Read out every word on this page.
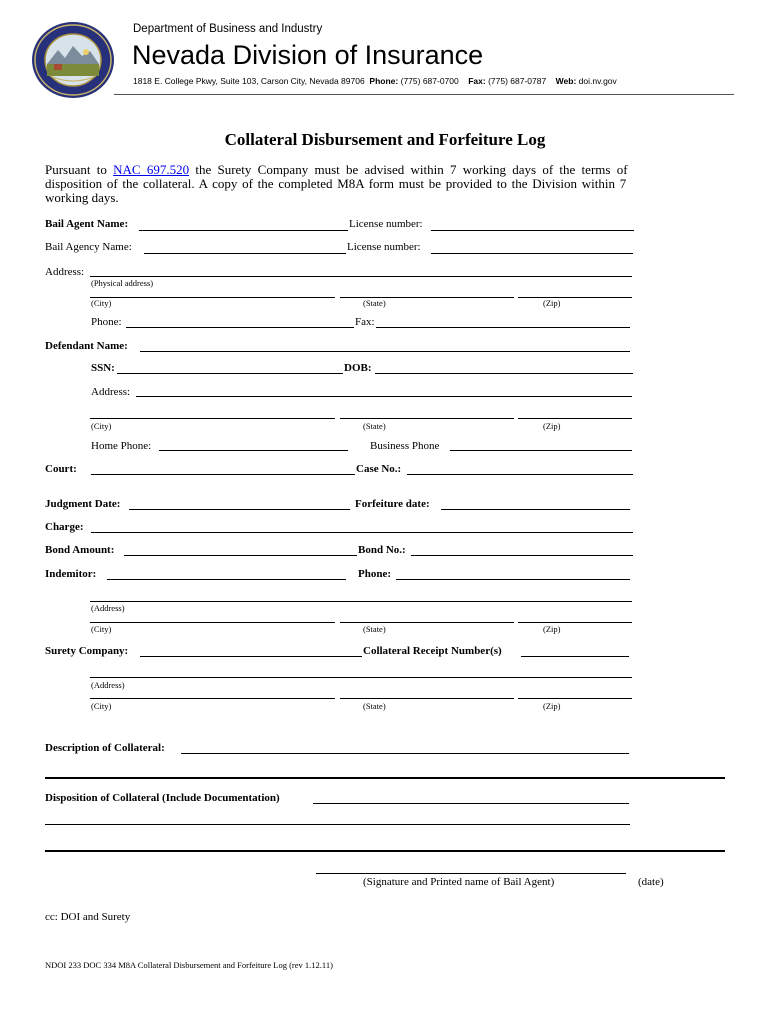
Department of Business and Industry
Nevada Division of Insurance
1818 E. College Pkwy, Suite 103, Carson City, Nevada 89706 Phone: (775) 687-0700 Fax: (775) 687-0787 Web: doi.nv.gov
Collateral Disbursement and Forfeiture Log
Pursuant to NAC 697.520 the Surety Company must be advised within 7 working days of the terms of
disposition of the collateral. A copy of the completed M8A form must be provided to the Division within 7
working days.
Bail Agent Name:	License number:
Bail Agency Name:	License number:
Address:
(Physical address)
(City)	(State)	(Zip)
Phone:	Fax:
Defendant Name:
SSN:	DOB:
Address:
(City)	(State)	(Zip)
Home Phone:	Business Phone
Court:	Case No.:
Judgment Date:	Forfeiture date:
Charge:
Bond Amount:	Bond No.:
Indemitor:	Phone:
(Address)
(City)	(State)	(Zip)
Surety Company:	Collateral Receipt Number(s)
(Address)
(City)	(State)	(Zip)
Description of Collateral:
Disposition of Collateral (Include Documentation)
(Signature and Printed name of Bail Agent)	(date)
cc: DOI and Surety
NDOI 233 DOC 334 M8A Collateral Disbursement and Forfeiture Log (rev 1.12.11)
